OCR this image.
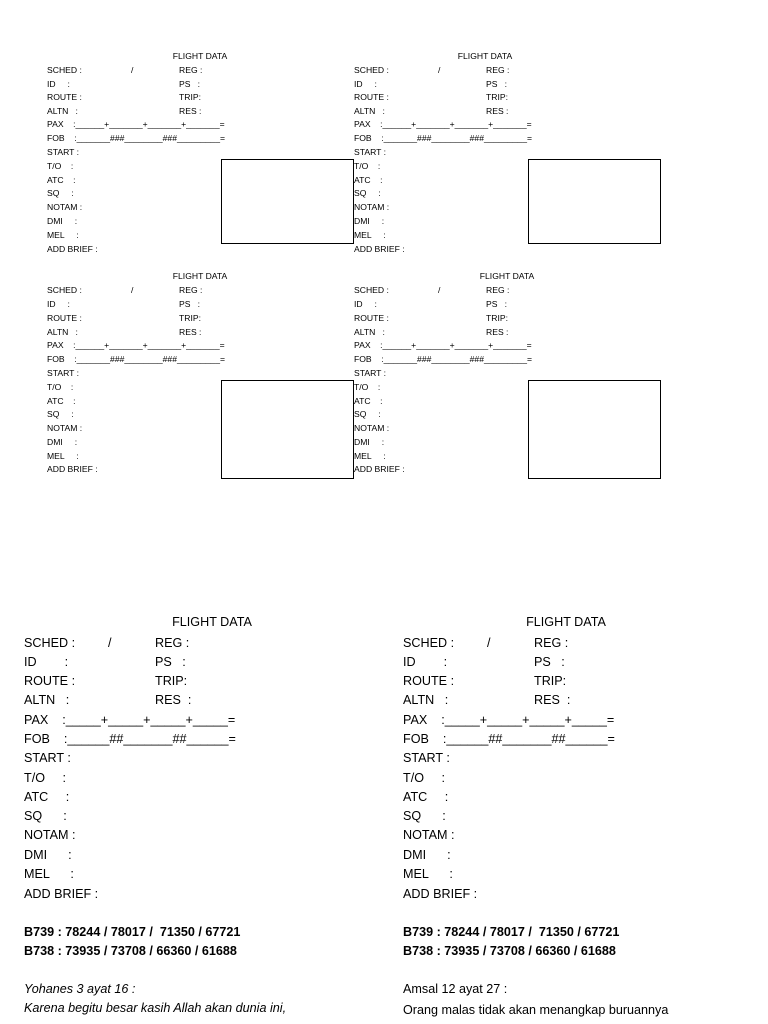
FLIGHT DATA
/
SCHED :
ID     :
ROUTE :
ALTN   :
PAX    :______+_______+_______+_______=
FOB    :_______###________###_________=
START :
T/O    :
ATC    :
SQ     :
NOTAM :
DMI     :
MEL     :
ADD BRIEF :
REG :
PS   :
TRIP:
RES :
FLIGHT DATA
/
SCHED :
ID     :
ROUTE :
ALTN   :
PAX    :______+_______+_______+_______=
FOB    :_______###________###_________=
START :
T/O    :
ATC    :
SQ     :
NOTAM :
DMI     :
MEL     :
ADD BRIEF :
REG :
PS   :
TRIP:
RES :
FLIGHT DATA
/
SCHED :
ID     :
ROUTE :
ALTN   :
PAX    :______+_______+_______+_______=
FOB    :_______###________###_________=
START :
T/O    :
ATC    :
SQ     :
NOTAM :
DMI     :
MEL     :
ADD BRIEF :
REG :
PS   :
TRIP:
RES :
FLIGHT DATA
/
SCHED :
ID     :
ROUTE :
ALTN   :
PAX    :______+_______+_______+_______=
FOB    :_______###________###_________=
START :
T/O    :
ATC    :
SQ     :
NOTAM :
DMI     :
MEL     :
ADD BRIEF :
REG :
PS   :
TRIP:
RES :
FLIGHT DATA
/
SCHED :
ID        :
ROUTE :
ALTN   :
PAX    :_____+_____+_____+_____=
FOB    :______##_______##______=
START :
T/O     :
ATC     :
SQ      :
NOTAM :
DMI      :
MEL      :
ADD BRIEF :
REG :
PS   :
TRIP:
RES  :
B739 : 78244 / 78017 /  71350 / 67721
B738 : 73935 / 73708 / 66360 / 61688
Yohanes 3 ayat 16 :
Karena begitu besar kasih Allah akan dunia ini,
FLIGHT DATA
/
SCHED :
ID        :
ROUTE :
ALTN   :
PAX    :_____+_____+_____+_____=
FOB    :______##_______##______=
START :
T/O     :
ATC     :
SQ      :
NOTAM :
DMI      :
MEL      :
ADD BRIEF :
REG :
PS   :
TRIP:
RES  :
B739 : 78244 / 78017 /  71350 / 67721
B738 : 73935 / 73708 / 66360 / 61688
Amsal 12 ayat 27 :
Orang malas tidak akan menangkap buruannya
